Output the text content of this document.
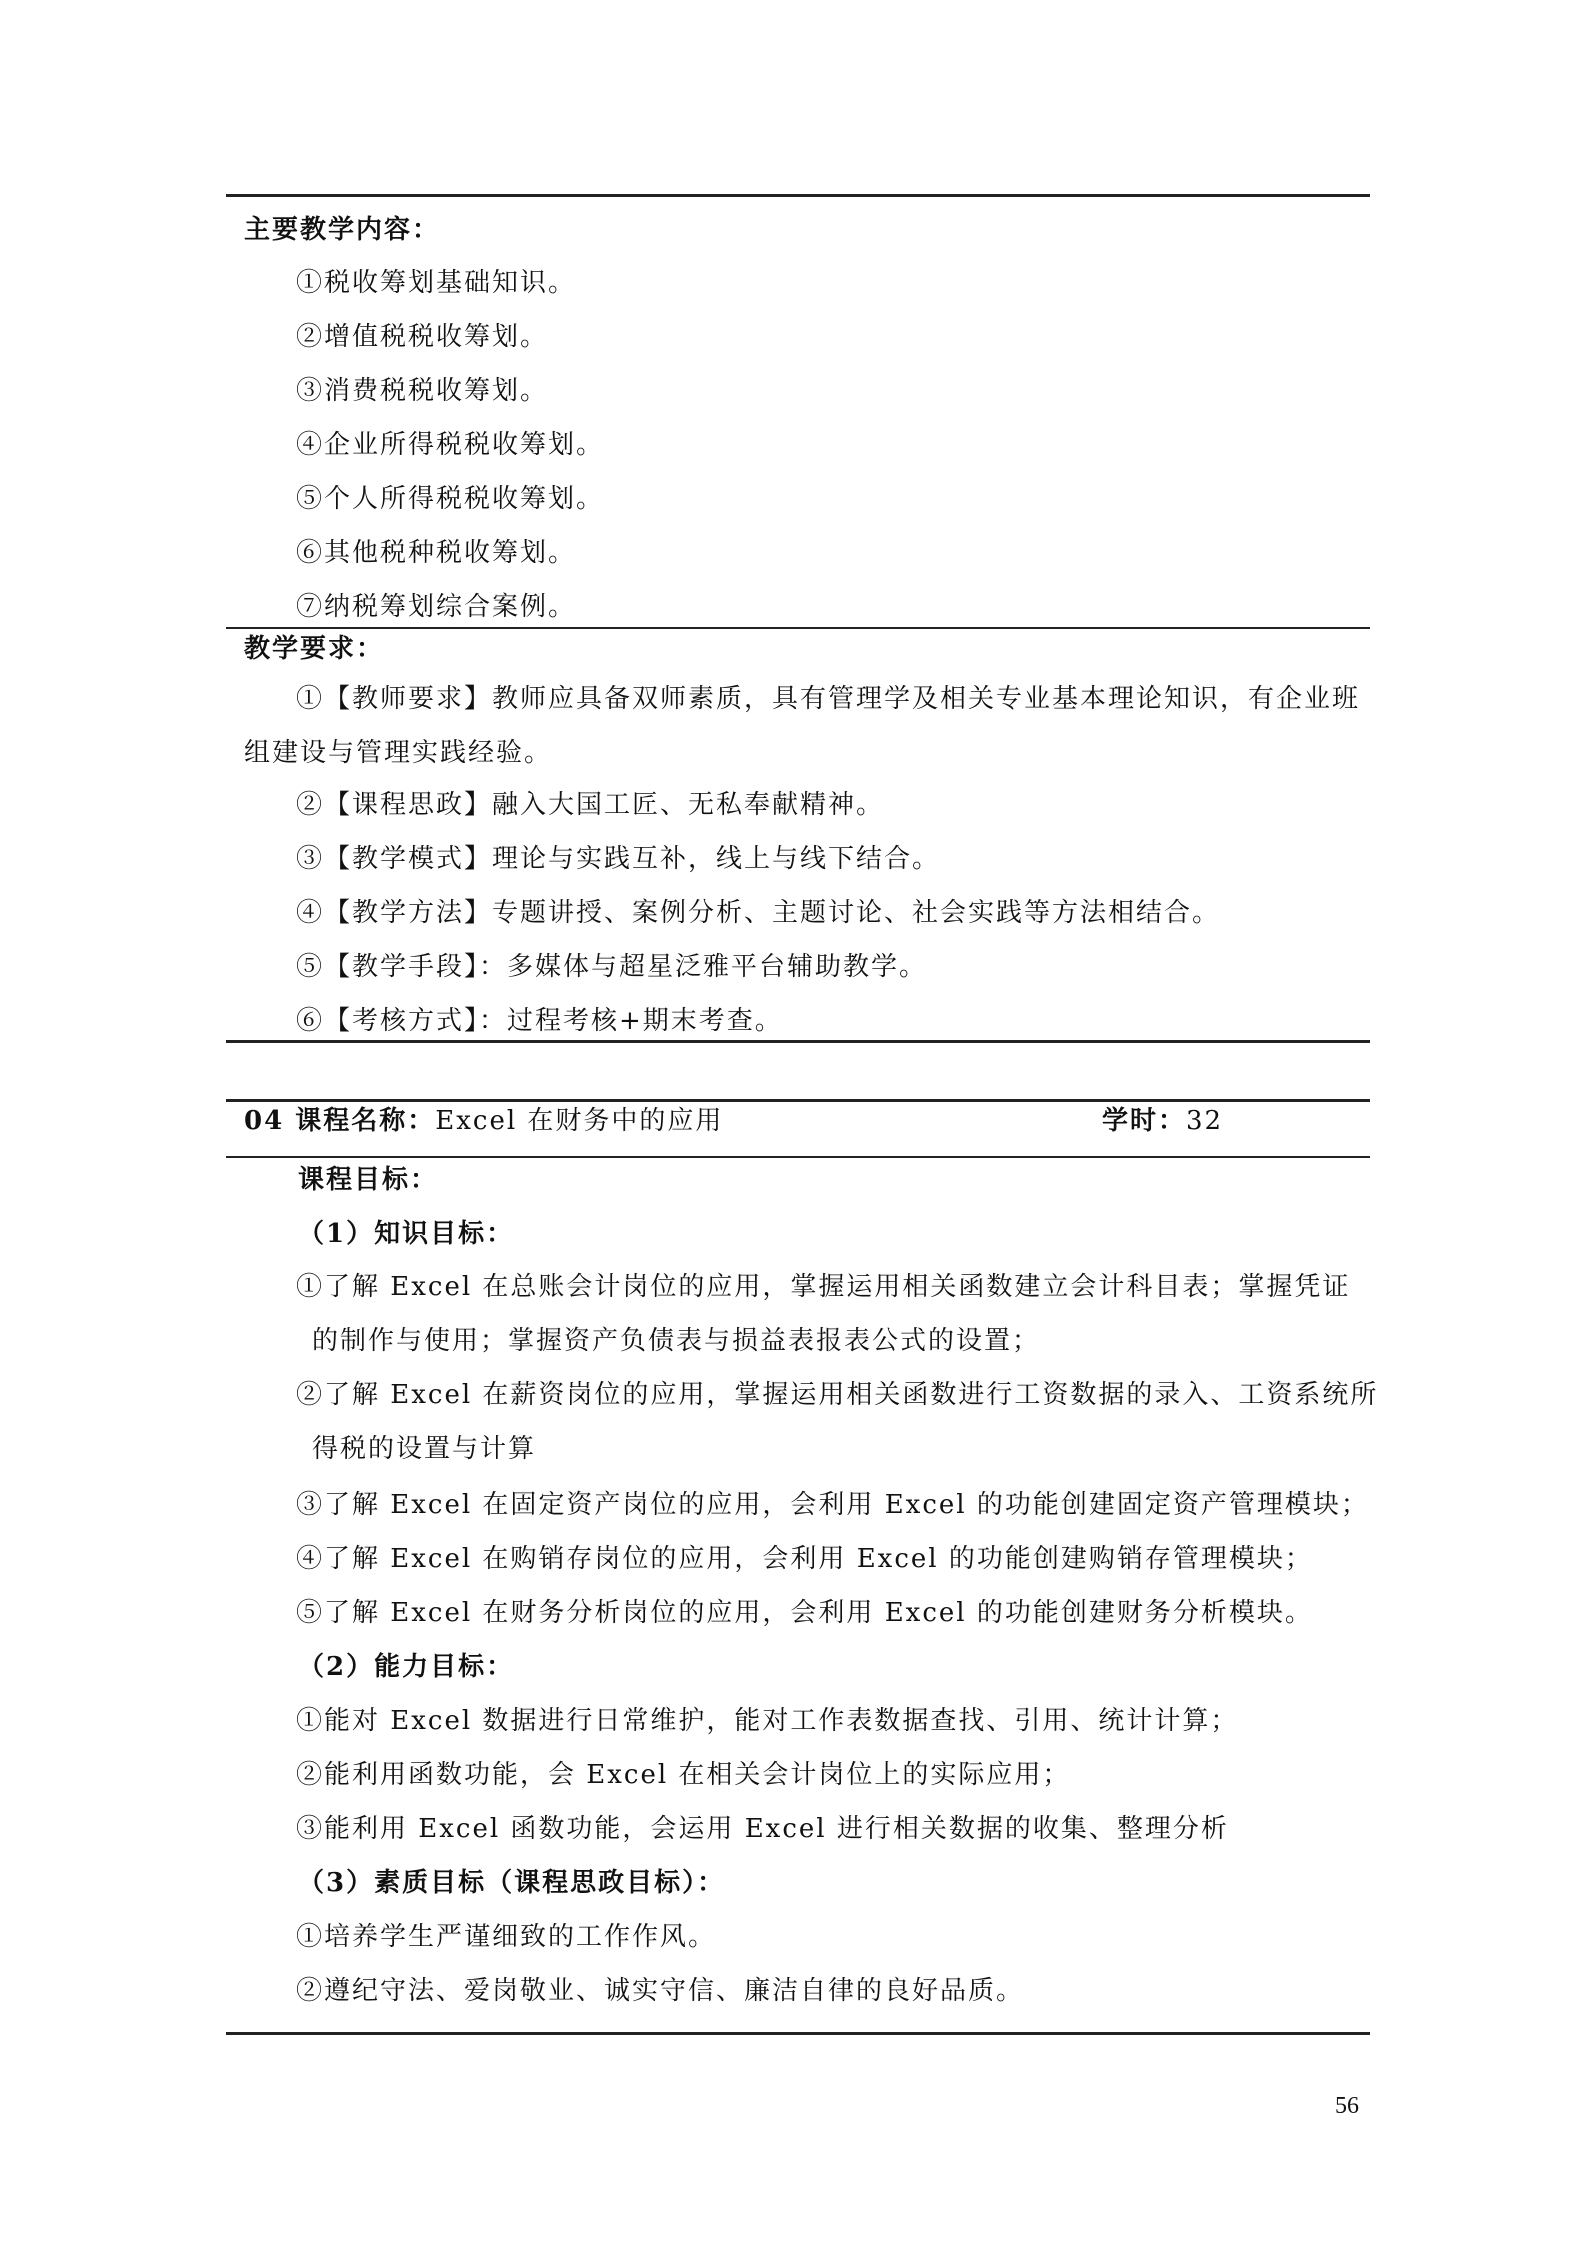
主要教学内容：
①税收筹划基础知识。
②增值税税收筹划。
③消费税税收筹划。
④企业所得税税收筹划。
⑤个人所得税税收筹划。
⑥其他税种税收筹划。
⑦纳税筹划综合案例。
教学要求：
①【教师要求】教师应具备双师素质，具有管理学及相关专业基本理论知识，有企业班
组建设与管理实践经验。
②【课程思政】融入大国工匠、无私奉献精神。
③【教学模式】理论与实践互补，线上与线下结合。
④【教学方法】专题讲授、案例分析、主题讨论、社会实践等方法相结合。
⑤【教学手段】：多媒体与超星泛雅平台辅助教学。
⑥【考核方式】：过程考核+期末考查。
04 课程名称：Excel 在财务中的应用	学时：32
课程目标：
（1）知识目标：
①了解 Excel 在总账会计岗位的应用，掌握运用相关函数建立会计科目表；掌握凭证
的制作与使用；掌握资产负债表与损益表报表公式的设置；
②了解 Excel 在薪资岗位的应用，掌握运用相关函数进行工资数据的录入、工资系统所
得税的设置与计算
③了解 Excel 在固定资产岗位的应用，会利用 Excel 的功能创建固定资产管理模块；
④了解 Excel 在购销存岗位的应用，会利用 Excel 的功能创建购销存管理模块；
⑤了解 Excel 在财务分析岗位的应用，会利用 Excel 的功能创建财务分析模块。
（2）能力目标：
①能对 Excel 数据进行日常维护，能对工作表数据查找、引用、统计计算；
②能利用函数功能，会 Excel 在相关会计岗位上的实际应用；
③能利用 Excel 函数功能，会运用 Excel 进行相关数据的收集、整理分析
（3）素质目标（课程思政目标）：
①培养学生严谨细致的工作作风。
②遵纪守法、爱岗敬业、诚实守信、廉洁自律的良好品质。
56
